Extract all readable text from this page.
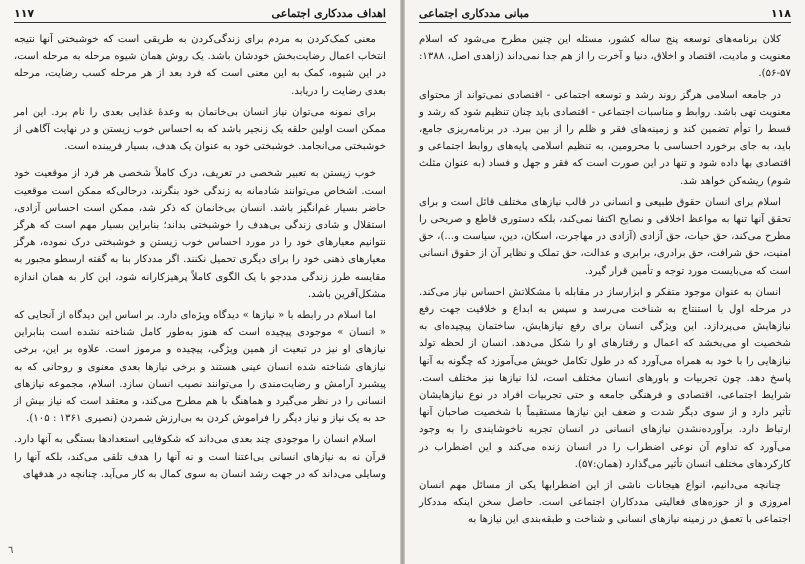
۱۱۷	اهداف مددکاری اجتماعی

معنی کمک‌کردن به مردم برای زندگی‌کردن به طریقی است که خوشبختی آنها نتیجه انتخاب اعمال رضایت‌بخش خودشان باشد. یک روش همان شیوه مرحله به مرحله است، در این شیوه، کمک به این معنی است که فرد بعد از هر مرحله کسب رضایت، مرحله بعدی رضایت را دریابد.

برای نمونه می‌توان نیاز انسان بی‌خانمان به وعدهٔ غذایی بعدی را نام برد. این امر ممکن است اولین حلقه یک زنجیر باشد که به احساس خوب زیستن و در نهایت آگاهی از خوشبختی می‌انجامد. خوشبختی خود به عنوان یک هدف، بسیار فریبنده است.

خوب زیستن به تعبیر شخصی در تعریف، درک کاملاً شخصی هر فرد از موقعیت خود است. اشخاص می‌توانند شادمانه به زندگی خود بنگرند، درحالی‌که ممکن است موقعیت حاضر بسیار غم‌انگیز باشد. انسان بی‌خانمان که ذکر شد، ممکن است احساس آزادی، استقلال و شادی زندگی بی‌هدف را خوشبختی بداند؛ بنابراین بسیار مهم است که هرگز نتوانیم معیارهای خود را در مورد احساس خوب زیستن و خوشبختی درک نموده، هرگز معیارهای ذهنی خود را برای دیگری تحمیل نکنند. اگر مددکار بنا به گفته ارسطو مجبور به مقایسه طرز زندگی مددجو با یک الگوی کاملاً پرهیزکارانه شود، این کار به همان اندازه مشکل‌آفرین باشد.

اما اسلام در رابطه با « نیازها » دیدگاه ویژه‌ای دارد. بر اساس این دیدگاه از آنجایی که « انسان » موجودی پیچیده است که هنوز به‌طور کامل شناخته نشده است بنابراین نیازهای او نیز در تبعیت از همین ویژگی، پیچیده و مرموز است. علاوه بر این، برخی نیازهای شناخته شده انسان عینی هستند و برخی نیازها بعدی معنوی و روحانی که به پیشبرد آرامش و رضایت‌مندی را می‌توانند نصیب انسان سازد. اسلام، مجموعه نیازهای انسانی را در نظر می‌گیرد و هماهنگ با هم مطرح می‌کند، و معتقد است که نیاز بیش از حد به یک نیاز و نیاز دیگر را فراموش کردن به بی‌ارزش شمردن (نصیری ۱۳۶۱ : ۱۰۵).

اسلام انسان را موجودی چند بعدی می‌داند که شکوفایی استعدادها بستگی به آنها دارد. قرآن نه به نیازهای انسانی بی‌اعتنا است و نه آنها را هدف تلقی می‌کند، بلکه آنها را وسایلی می‌داند که در جهت رشد انسان به سوی کمال به کار می‌آید. چنانچه در هدفهای

٦
مبانی مددکاری اجتماعی	۱۱۸

کلان برنامه‌های توسعه پنج ساله کشور، مسئله این چنین مطرح می‌شود که اسلام معنویت و مادیت، اقتصاد و اخلاق، دنیا و آخرت را از هم جدا نمی‌داند (زاهدی اصل، ۱۳۸۸: ۵۷-۵۶).

در جامعه اسلامی هرگز روند رشد و توسعه اجتماعی - اقتصادی نمی‌تواند از محتوای معنویت تهی باشد. روابط و مناسبات اجتماعی - اقتصادی باید چنان تنظیم شود که رشد و قسط را توأم تضمین کند و زمینه‌های فقر و ظلم را از بین ببرد. در برنامه‌ریزی جامع، باید، به جای برخورد احساسی با محرومین، به تنظیم اسلامی پایه‌های روابط اجتماعی و اقتصادی بها داده شود و تنها در این صورت است که فقر و جهل و فساد (به عنوان مثلث شوم) ریشه‌کن خواهد شد.

اسلام برای انسان حقوق طبیعی و انسانی در قالب نیازهای مختلف قائل است و برای تحقق آنها تنها به مواعظ اخلاقی و نصایح اکتفا نمی‌کند، بلکه دستوری قاطع و صریحی را مطرح می‌کند، حق حیات، حق آزادی (آزادی در مهاجرت، اسکان، دین، سیاست و...)، حق امنیت، حق شرافت، حق برادری، برابری و عدالت، حق تملک و نظایر آن از حقوق انسانی است که می‌بایست مورد توجه و تأمین قرار گیرد.

انسان به عنوان موجود متفکر و ابزارساز در مقابله با مشکلاتش احساس نیاز می‌کند. در مرحله اول با استنتاج به شناخت می‌رسد و سپس به ابداع و خلاقیت جهت رفع نیازهایش می‌پردازد. این ویژگی انسان برای رفع نیازهایش، ساختمان پیچیده‌ای به شخصیت او می‌بخشد که اعمال و رفتارهای او را شکل می‌دهد. انسان از لحظه تولد نیازهایی را با خود به همراه می‌آورد که در طول تکامل خویش می‌آموزد که چگونه به آنها پاسخ دهد. چون تجربیات و باورهای انسان مختلف است، لذا نیازها نیز مختلف است. شرایط اجتماعی، اقتصادی و فرهنگی جامعه و حتی تجربیات افراد در نوع نیازهایشان تأثیر دارد و از سوی دیگر شدت و ضعف این نیازها مستقیماً با شخصیت صاحبان آنها ارتباط دارد. برآورده‌نشدن نیازهای انسانی در انسان تجربه ناخوشایندی را به وجود می‌آورد که تداوم آن نوعی اضطراب را در انسان زنده می‌کند و این اضطراب در کارکردهای مختلف انسان تأثیر می‌گذارد (همان:۵۷).

چنانچه می‌دانیم، انواع هیجانات ناشی از این اضطرابها یکی از مسائل مهم انسان امروزی و از حوزه‌های فعالیتی مددکاران اجتماعی است. حاصل سخن اینکه مددکار اجتماعی با تعمق در زمینه نیازهای انسانی و شناخت و طبقه‌بندی این نیازها به
